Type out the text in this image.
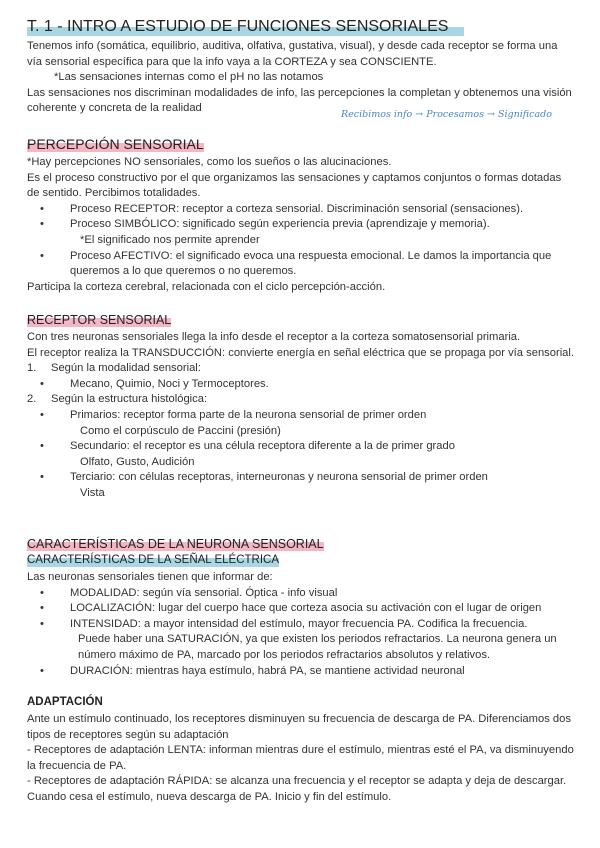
T. 1 - INTRO A ESTUDIO DE FUNCIONES SENSORIALES

Tenemos info (somática, equilibrio, auditiva, olfativa, gustativa, visual), y desde cada receptor se forma una vía sensorial específica para que la info vaya a la CORTEZA y sea CONSCIENTE.

*Las sensaciones internas como el pH no las notamos

Las sensaciones nos discriminan modalidades de info, las percepciones la completan y obtenemos una visión coherente y concreta de la realidad

Recibimos info → Procesamos → Significado
PERCEPCIÓN SENSORIAL

*Hay percepciones NO sensoriales, como los sueños o las alucinaciones.

Es el proceso constructivo por el que organizamos las sensaciones y captamos conjuntos o formas dotadas de sentido. Percibimos totalidades.

• Proceso RECEPTOR: receptor a corteza sensorial. Discriminación sensorial (sensaciones).

• Proceso SIMBÓLICO: significado según experiencia previa (aprendizaje y memoria).

*El significado nos permite aprender

• Proceso AFECTIVO: el significado evoca una respuesta emocional. Le damos la importancia que queremos a lo que queremos o no queremos.

Participa la corteza cerebral, relacionada con el ciclo percepción-acción.

RECEPTOR SENSORIAL

Con tres neuronas sensoriales llega la info desde el receptor a la corteza somatosensorial primaria.

El receptor realiza la TRANSDUCCIÓN: convierte energía en señal eléctrica que se propaga por vía sensorial.

1. Según la modalidad sensorial:

• Mecano, Quimio, Noci y Termoceptores.

2. Según la estructura histológica:

• Primarios: receptor forma parte de la neurona sensorial de primer orden

Como el corpúsculo de Paccini (presión)

• Secundario: el receptor es una célula receptora diferente a la de primer grado

Olfato, Gusto, Audición

• Terciario: con células receptoras, interneuronas y neurona sensorial de primer orden

Vista

CARACTERÍSTICAS DE LA NEURONA SENSORIAL
CARACTERÍSTICAS DE LA SEÑAL ELÉCTRICA

Las neuronas sensoriales tienen que informar de:

• MODALIDAD: según vía sensorial. Óptica - info visual

• LOCALIZACIÓN: lugar del cuerpo hace que corteza asocia su activación con el lugar de origen

• INTENSIDAD: a mayor intensidad del estímulo, mayor frecuencia PA. Codifica la frecuencia.

Puede haber una SATURACIÓN, ya que existen los periodos refractarios. La neurona genera un número máximo de PA, marcado por los periodos refractarios absolutos y relativos.

• DURACIÓN: mientras haya estímulo, habrá PA, se mantiene actividad neuronal

ADAPTACIÓN

Ante un estímulo continuado, los receptores disminuyen su frecuencia de descarga de PA. Diferenciamos dos tipos de receptores según su adaptación

- Receptores de adaptación LENTA: informan mientras dure el estímulo, mientras esté el PA, va disminuyendo la frecuencia de PA.

- Receptores de adaptación RÁPIDA: se alcanza una frecuencia y el receptor se adapta y deja de descargar. Cuando cesa el estímulo, nueva descarga de PA. Inicio y fin del estímulo.
